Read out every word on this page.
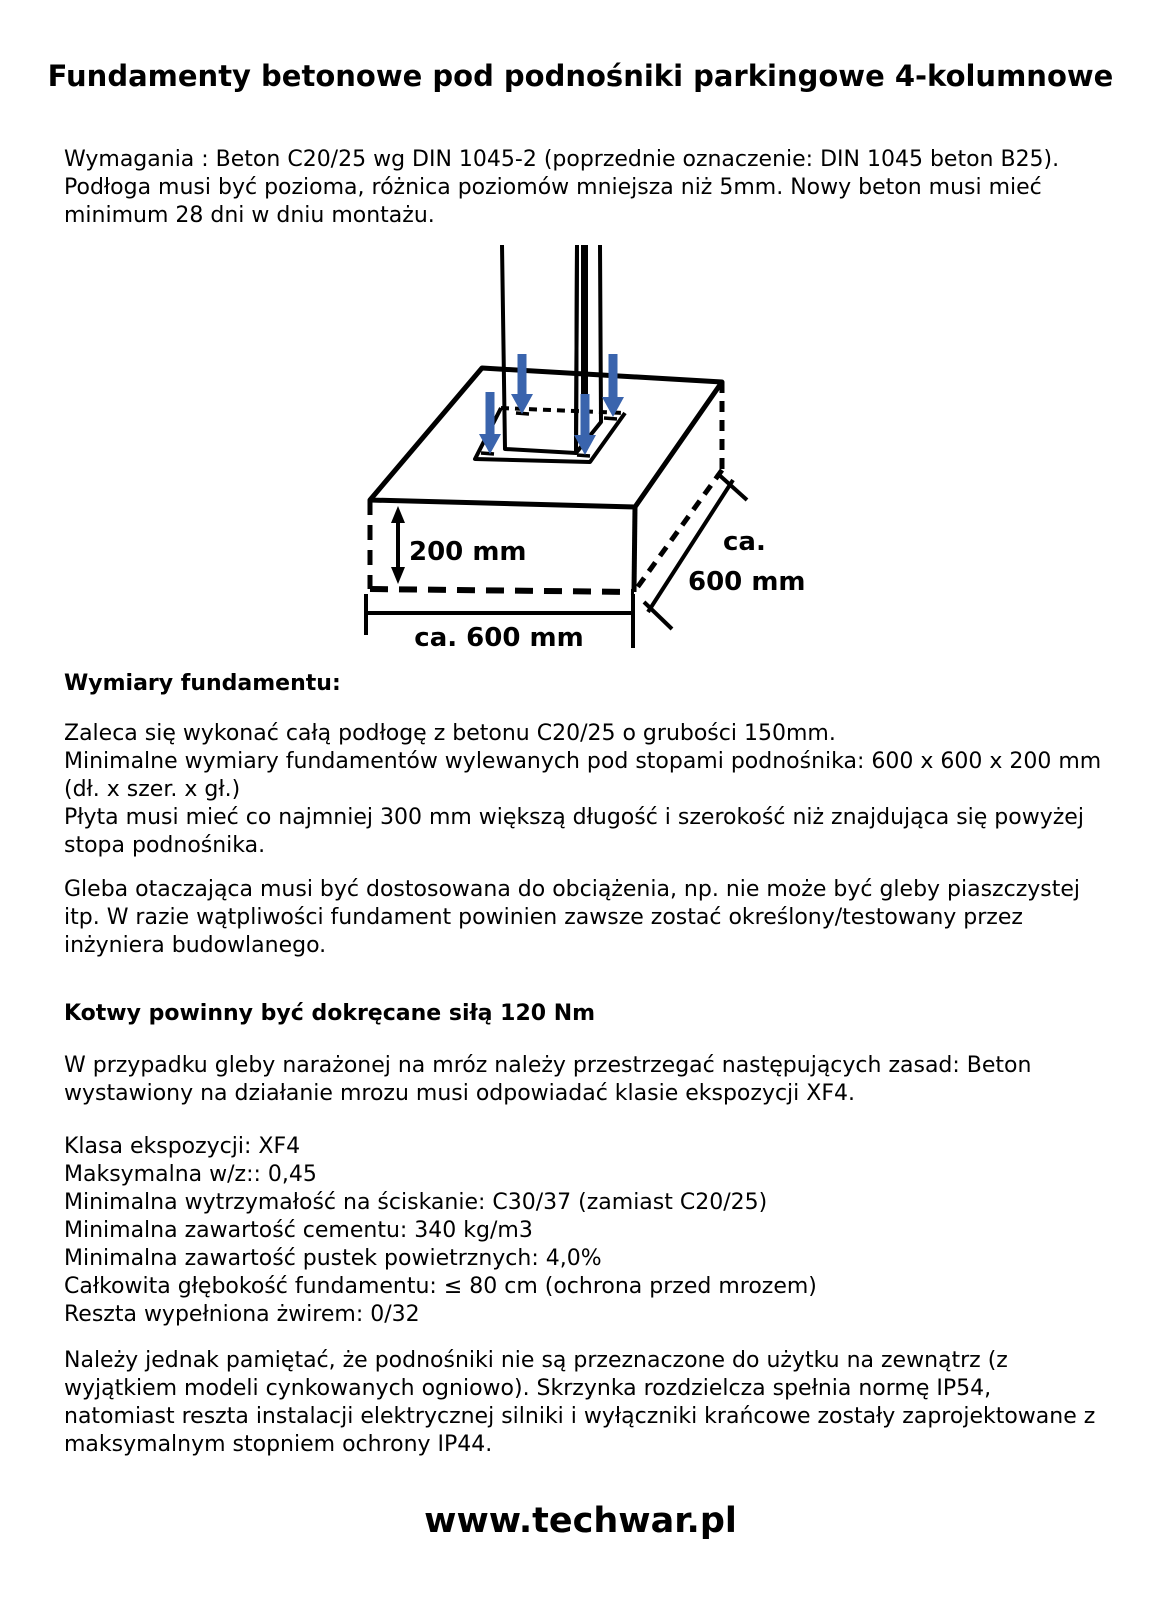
Fundamenty betonowe pod podnośniki parkingowe 4-kolumnowe
Wymagania : Beton C20/25 wg DIN 1045-2 (poprzednie oznaczenie: DIN 1045 beton B25).
Podłoga musi być pozioma, różnica poziomów mniejsza niż 5mm. Nowy beton musi mieć
minimum 28 dni w dniu montażu.
200 mm
ca. 600 mm
ca.
600 mm
Wymiary fundamentu:
Zaleca się wykonać całą podłogę z betonu C20/25 o grubości 150mm.
Minimalne wymiary fundamentów wylewanych pod stopami podnośnika: 600 x 600 x 200 mm
(dł. x szer. x gł.)
Płyta musi mieć co najmniej 300 mm większą długość i szerokość niż znajdująca się powyżej
stopa podnośnika.
Gleba otaczająca musi być dostosowana do obciążenia, np. nie może być gleby piaszczystej
itp. W razie wątpliwości fundament powinien zawsze zostać określony/testowany przez
inżyniera budowlanego.
Kotwy powinny być dokręcane siłą 120 Nm
W przypadku gleby narażonej na mróz należy przestrzegać następujących zasad: Beton
wystawiony na działanie mrozu musi odpowiadać klasie ekspozycji XF4.
Klasa ekspozycji: XF4
Maksymalna w/z:: 0,45
Minimalna wytrzymałość na ściskanie: C30/37 (zamiast C20/25)
Minimalna zawartość cementu: 340 kg/m3
Minimalna zawartość pustek powietrznych: 4,0%
Całkowita głębokość fundamentu: ≤ 80 cm (ochrona przed mrozem)
Reszta wypełniona żwirem: 0/32
Należy jednak pamiętać, że podnośniki nie są przeznaczone do użytku na zewnątrz (z
wyjątkiem modeli cynkowanych ogniowo). Skrzynka rozdzielcza spełnia normę IP54,
natomiast reszta instalacji elektrycznej silniki i wyłączniki krańcowe zostały zaprojektowane z
maksymalnym stopniem ochrony IP44.
www.techwar.pl
